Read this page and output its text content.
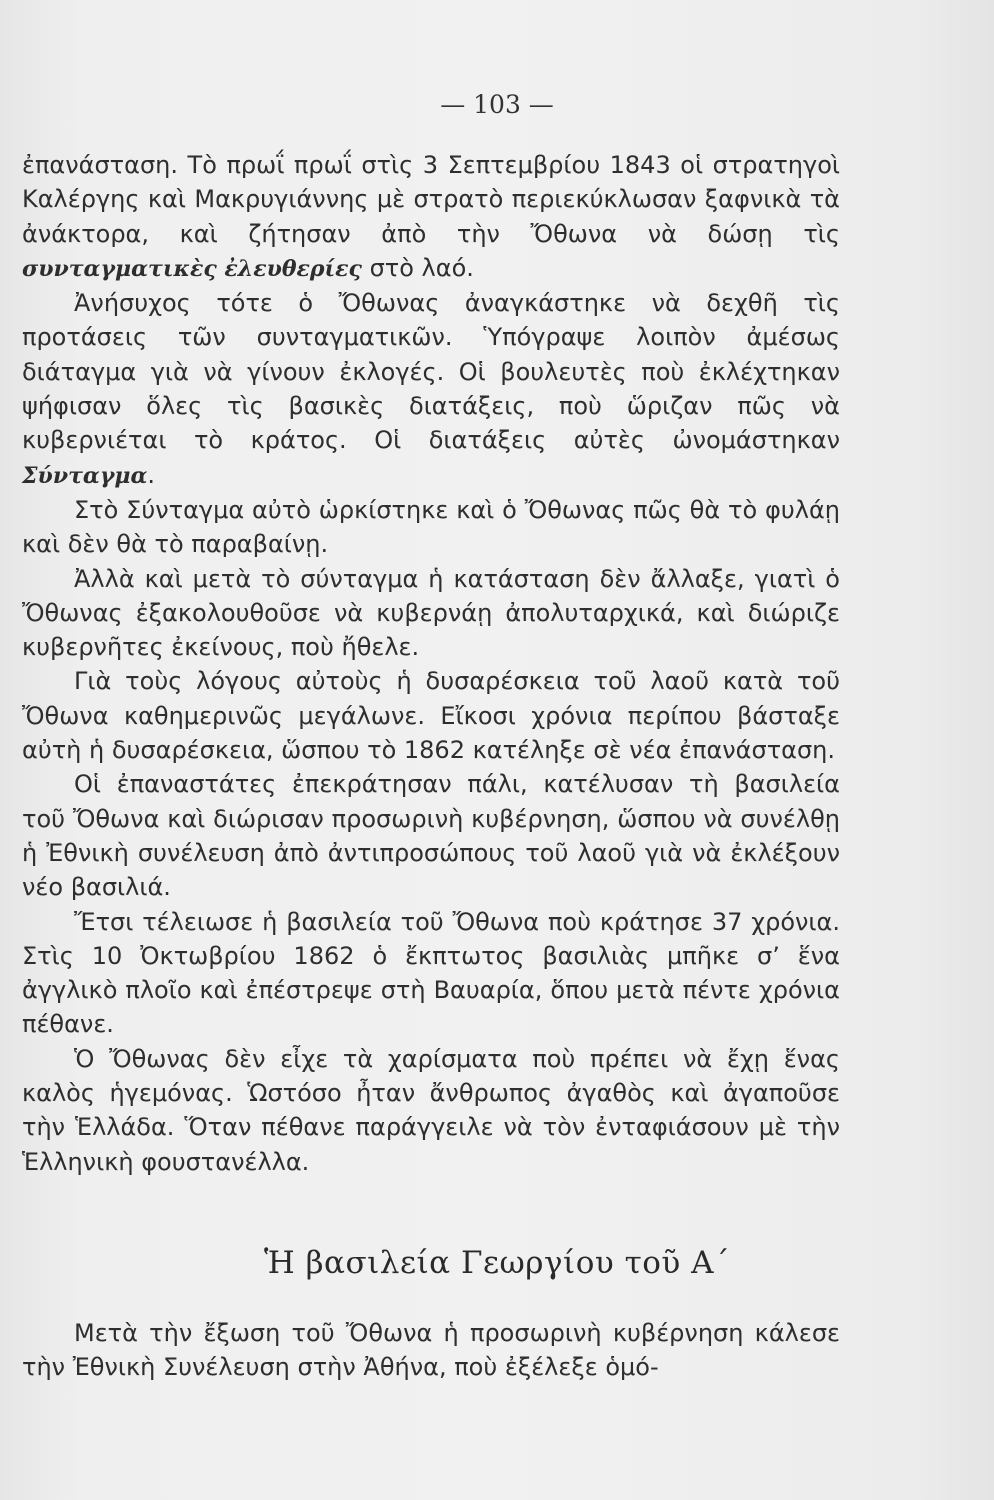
— 103 —

ἐπανάσταση. Τὸ πρωΐ πρωΐ στὶς 3 Σεπτεμβρίου 1843 οἱ στρατηγοὶ Καλέργης καὶ Μακρυγιάννης μὲ στρατὸ περιεκύκλωσαν ξαφνικὰ τὰ ἀνάκτορα, καὶ ζήτησαν ἀπὸ τὴν Ὄθωνα νὰ δώσῃ τὶς συνταγματικὲς ἐλευθερίες στὸ λαό.

Ἀνήσυχος τότε ὁ Ὄθωνας ἀναγκάστηκε νὰ δεχθῆ τὶς προτάσεις τῶν συνταγματικῶν. Ὑπόγραψε λοιπὸν ἀμέσως διάταγμα γιὰ νὰ γίνουν ἐκλογές. Οἱ βουλευτὲς ποὺ ἐκλέχτηκαν ψήφισαν ὅλες τὶς βασικὲς διατάξεις, ποὺ ὥριζαν πῶς νὰ κυβερνιέται τὸ κράτος. Οἱ διατάξεις αὐτὲς ὠνομάστηκαν Σύνταγμα.

Στὸ Σύνταγμα αὐτὸ ὡρκίστηκε καὶ ὁ Ὄθωνας πῶς θὰ τὸ φυλάῃ καὶ δὲν θὰ τὸ παραβαίνῃ.

Ἀλλὰ καὶ μετὰ τὸ σύνταγμα ἡ κατάσταση δὲν ἄλλαξε, γιατὶ ὁ Ὄθωνας ἐξακολουθοῦσε νὰ κυβερνάῃ ἀπολυταρχικά, καὶ διώριζε κυβερνῆτες ἐκείνους, ποὺ ἤθελε.

Γιὰ τοὺς λόγους αὐτοὺς ἡ δυσαρέσκεια τοῦ λαοῦ κατὰ τοῦ Ὄθωνα καθημερινῶς μεγάλωνε. Εἴκοσι χρόνια περίπου βάσταξε αὐτὴ ἡ δυσαρέσκεια, ὥσπου τὸ 1862 κατέληξε σὲ νέα ἐπανάσταση.

Οἱ ἐπαναστάτες ἐπεκράτησαν πάλι, κατέλυσαν τὴ βασιλεία τοῦ Ὄθωνα καὶ διώρισαν προσωρινὴ κυβέρνηση, ὥσπου νὰ συνέλθῃ ἡ Ἐθνικὴ συνέλευση ἀπὸ ἀντιπροσώπους τοῦ λαοῦ γιὰ νὰ ἐκλέξουν νέο βασιλιά.

Ἔτσι τέλειωσε ἡ βασιλεία τοῦ Ὄθωνα ποὺ κράτησε 37 χρόνια. Στὶς 10 Ὀκτωβρίου 1862 ὁ ἔκπτωτος βασιλιὰς μπῆκε σ’ ἕνα ἀγγλικὸ πλοῖο καὶ ἐπέστρεψε στὴ Βαυαρία, ὅπου μετὰ πέντε χρόνια πέθανε.

Ὁ Ὄθωνας δὲν εἶχε τὰ χαρίσματα ποὺ πρέπει νὰ ἔχῃ ἕνας καλὸς ἡγεμόνας. Ὡστόσο ἦταν ἄνθρωπος ἀγαθὸς καὶ ἀγαποῦσε τὴν Ἑλλάδα. Ὅταν πέθανε παράγγειλε νὰ τὸν ἐνταφιάσουν μὲ τὴν Ἑλληνικὴ φουστανέλλα.

Ἡ βασιλεία Γεωργίου τοῦ Α΄

Μετὰ τὴν ἔξωση τοῦ Ὄθωνα ἡ προσωρινὴ κυβέρνηση κάλεσε τὴν Ἐθνικὴ Συνέλευση στὴν Ἀθήνα, ποὺ ἐξέλεξε ὁμό-
